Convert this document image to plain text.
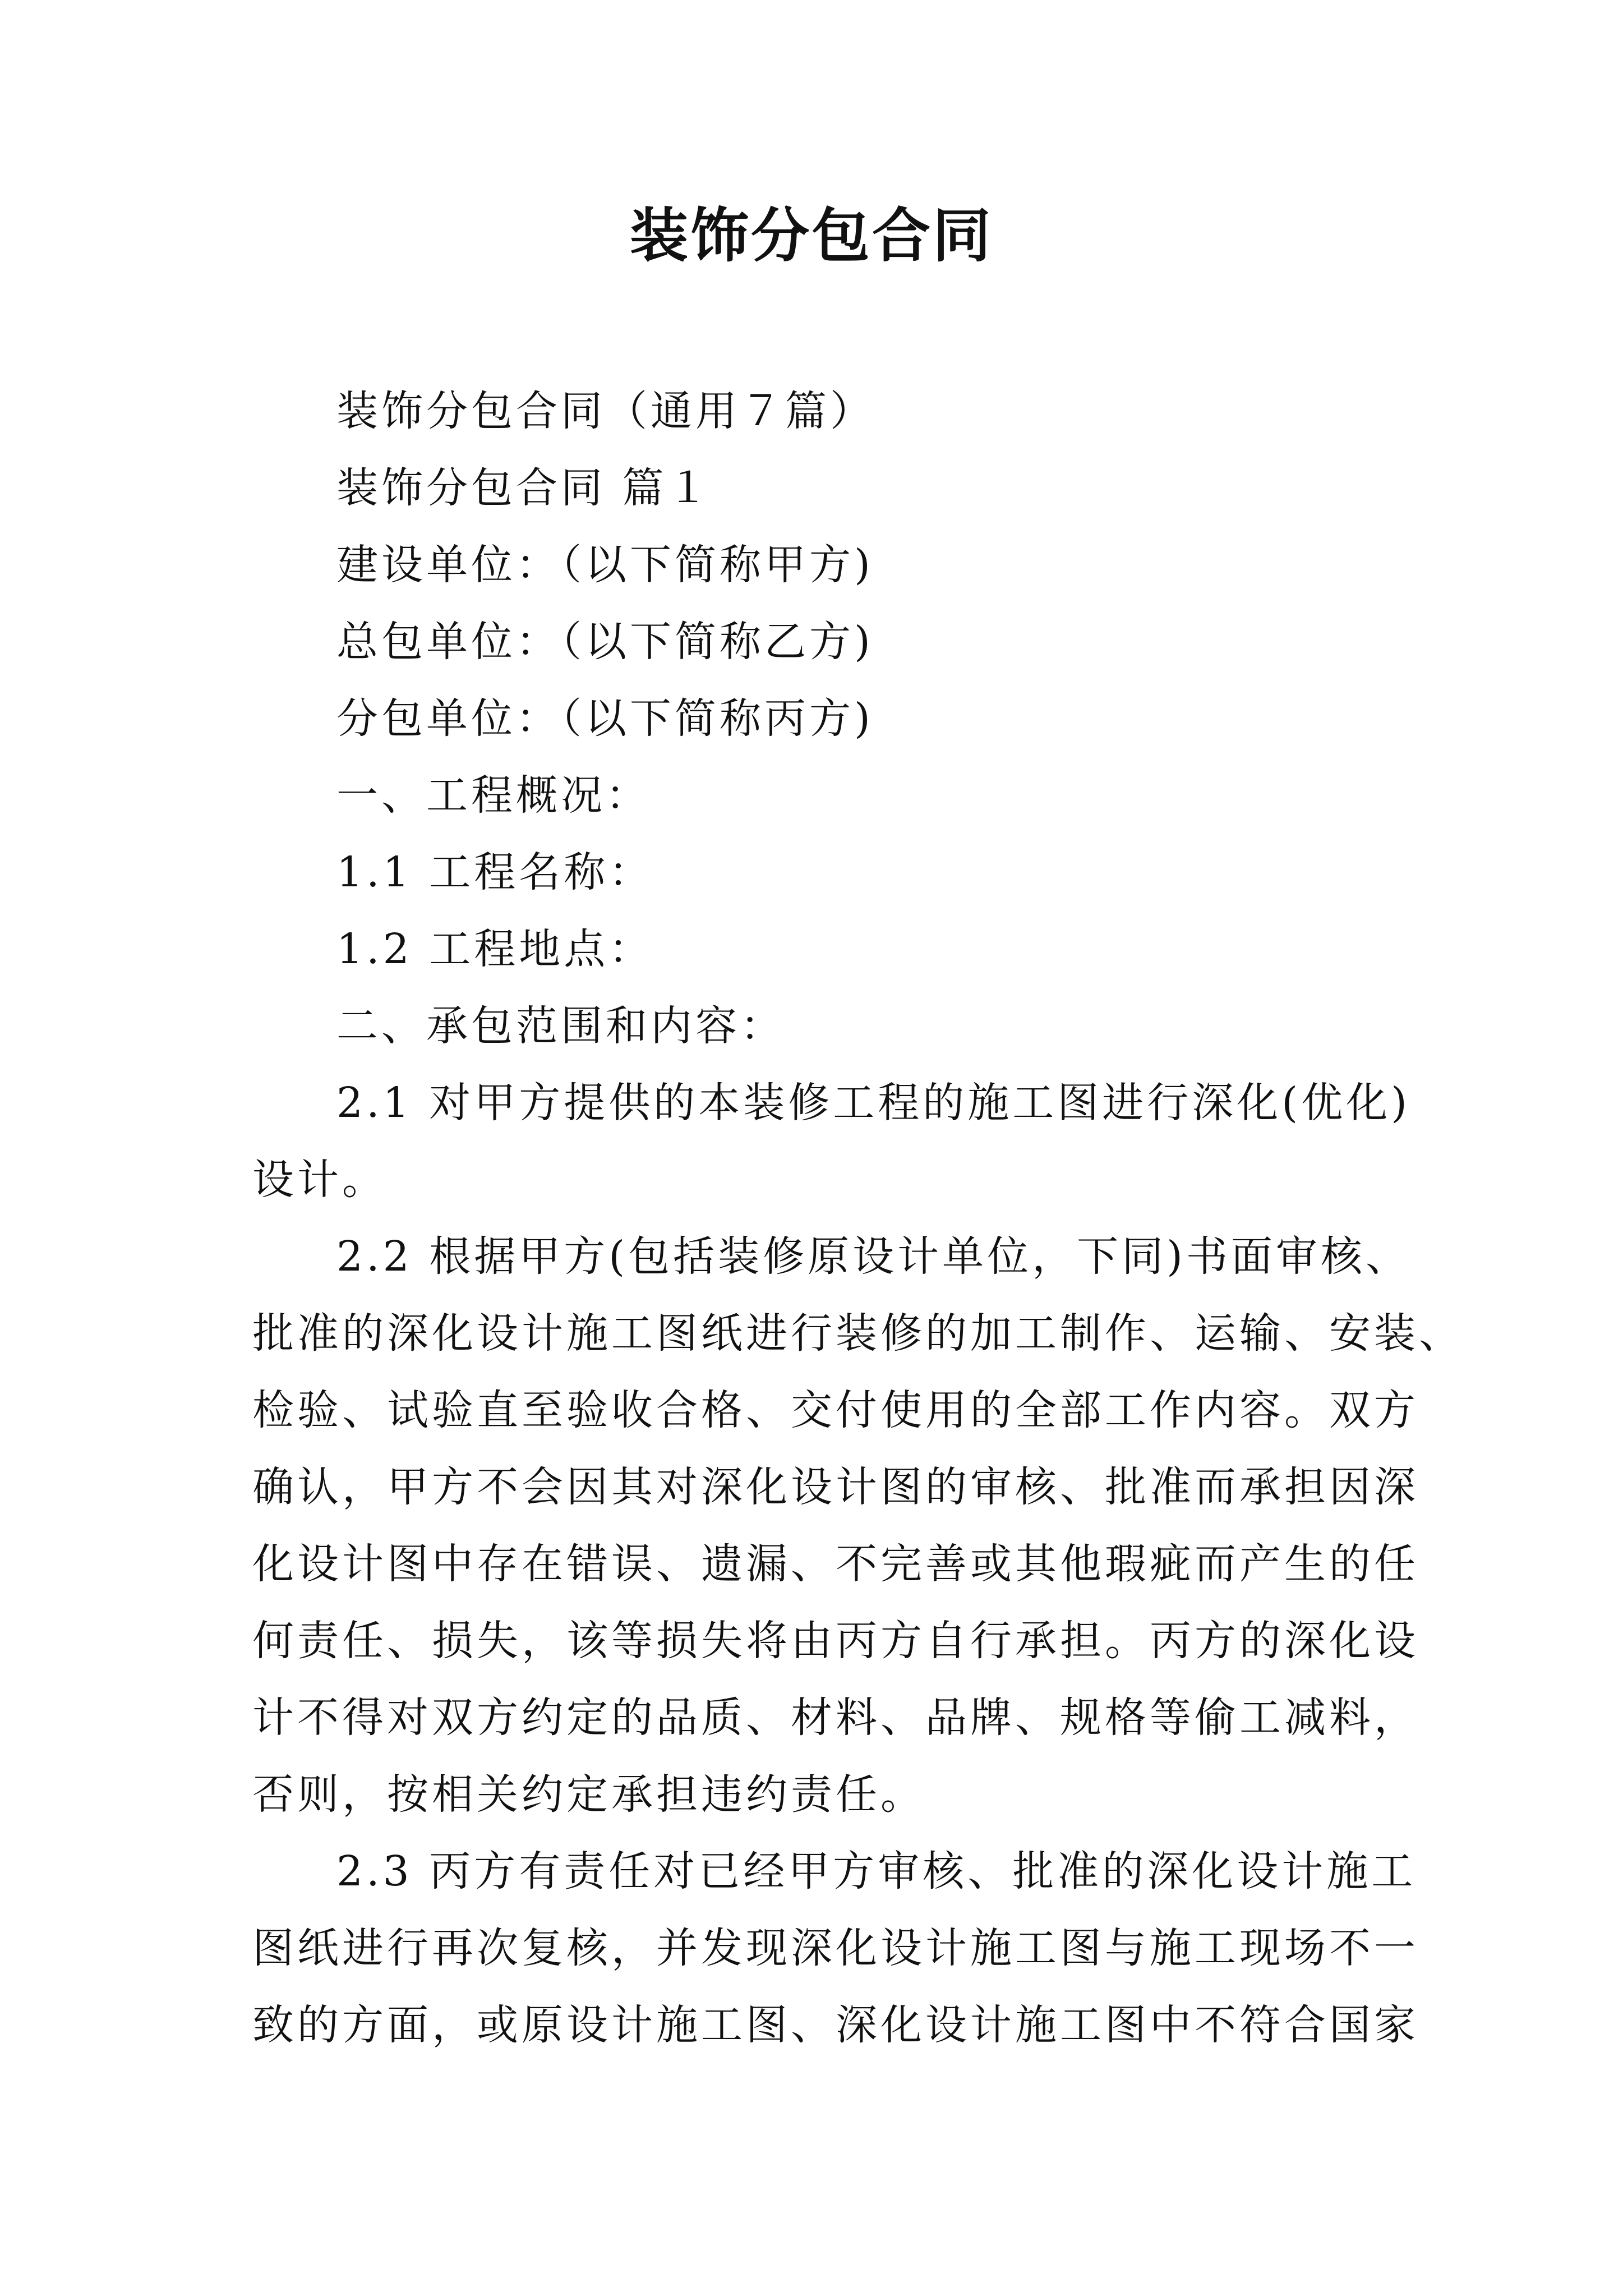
装饰分包合同

装饰分包合同（通用７篇）

装饰分包合同 篇１

建设单位：（以下简称甲方)

总包单位：（以下简称乙方)

分包单位：（以下简称丙方)

一、工程概况：

1.1 工程名称：

1.2 工程地点：

二、承包范围和内容：

2.1 对甲方提供的本装修工程的施工图进行深化(优化)

设计。

2.2 根据甲方(包括装修原设计单位，下同)书面审核、

批准的深化设计施工图纸进行装修的加工制作、运输、安装、

检验、试验直至验收合格、交付使用的全部工作内容。双方

确认，甲方不会因其对深化设计图的审核、批准而承担因深

化设计图中存在错误、遗漏、不完善或其他瑕疵而产生的任

何责任、损失，该等损失将由丙方自行承担。丙方的深化设

计不得对双方约定的品质、材料、品牌、规格等偷工减料，

否则，按相关约定承担违约责任。

2.3 丙方有责任对已经甲方审核、批准的深化设计施工

图纸进行再次复核，并发现深化设计施工图与施工现场不一

致的方面，或原设计施工图、深化设计施工图中不符合国家
